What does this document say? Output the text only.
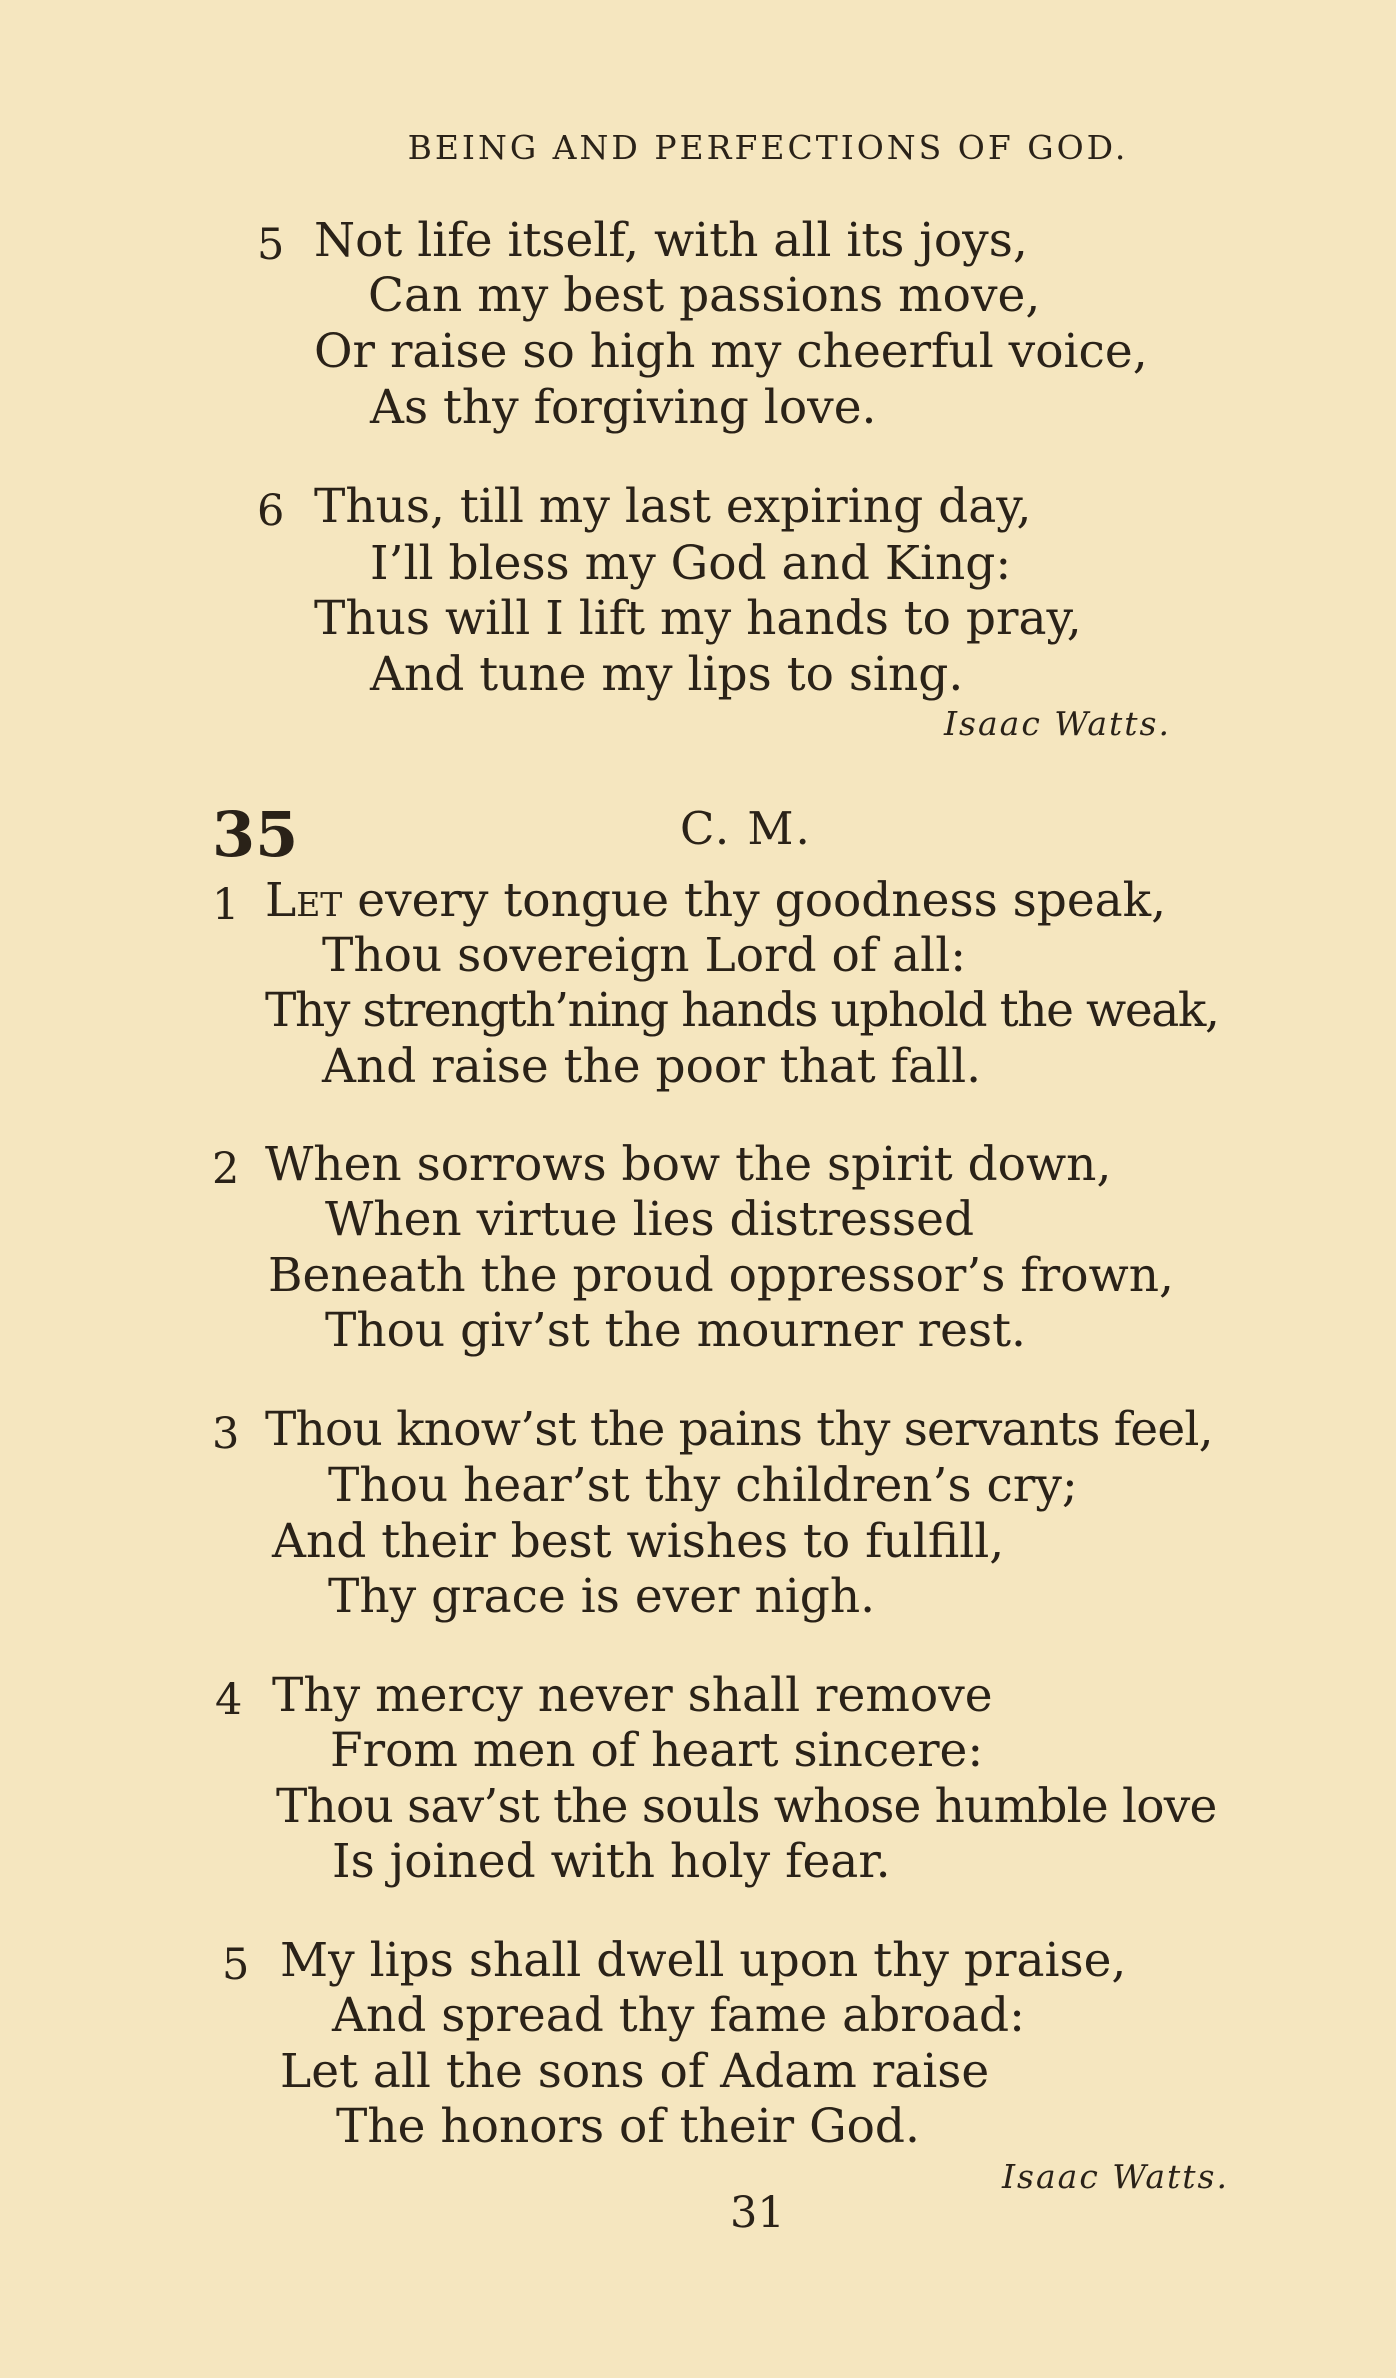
BEING AND PERFECTIONS OF GOD.
5 Not life itself, with all its joys,
Can my best passions move,
Or raise so high my cheerful voice,
As thy forgiving love.
6 Thus, till my last expiring day,
I’ll bless my God and King:
Thus will I lift my hands to pray,
And tune my lips to sing.
Isaac Watts.
35	C. M.
1 Let every tongue thy goodness speak,
Thou sovereign Lord of all:
Thy strength’ning hands uphold the weak,
And raise the poor that fall.
2 When sorrows bow the spirit down,
When virtue lies distressed
Beneath the proud oppressor’s frown,
Thou giv’st the mourner rest.
3 Thou know’st the pains thy servants feel,
Thou hear’st thy children’s cry;
And their best wishes to fulfill,
Thy grace is ever nigh.
4 Thy mercy never shall remove
From men of heart sincere:
Thou sav’st the souls whose humble love
Is joined with holy fear.
5 My lips shall dwell upon thy praise,
And spread thy fame abroad:
Let all the sons of Adam raise
The honors of their God.
Isaac Watts.
31
